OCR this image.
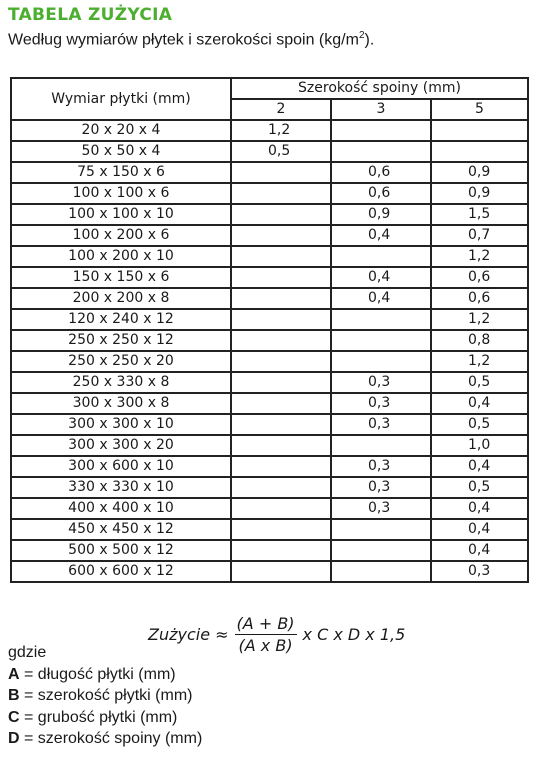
TABELA ZUŻYCIA
Według wymiarów płytek i szerokości spoin $(kg/m^2)$.
Wymiar płytki (mm)	Szerokość spoiny (mm)		
	2	3	5
20 x 20 x 4	1,2		
50 x 50 x 4	0,5		
75 x 150 x 6		0,6	0,9
100 x 100 x 6		0,6	0,9
100 x 100 x 10		0,9	1,5
100 x 200 x 6		0,4	0,7
100 x 200 x 10			1,2
150 x 150 x 6		0,4	0,6
200 x 200 x 8		0,4	0,6
120 x 240 x 12			1,2
250 x 250 x 12			0,8
250 x 250 x 20			1,2
250 x 330 x 8		0,3	0,5
300 x 300 x 8		0,3	0,4
300 x 300 x 10		0,3	0,5
300 x 300 x 20			1,0
300 x 600 x 10		0,3	0,4
330 x 330 x 10		0,3	0,5
400 x 400 x 10		0,3	0,4
450 x 450 x 12			0,4
500 x 500 x 12			0,4
600 x 600 x 12			0,3
Zużycie ≈ $\frac{(A + B)}{\text{(A x B)}}$ x C x D x 1,5
gdzie
A = długość płytki (mm)
B = szerokość płytki (mm)
C = grubość płytki (mm)
D = szerokość spoiny (mm)
